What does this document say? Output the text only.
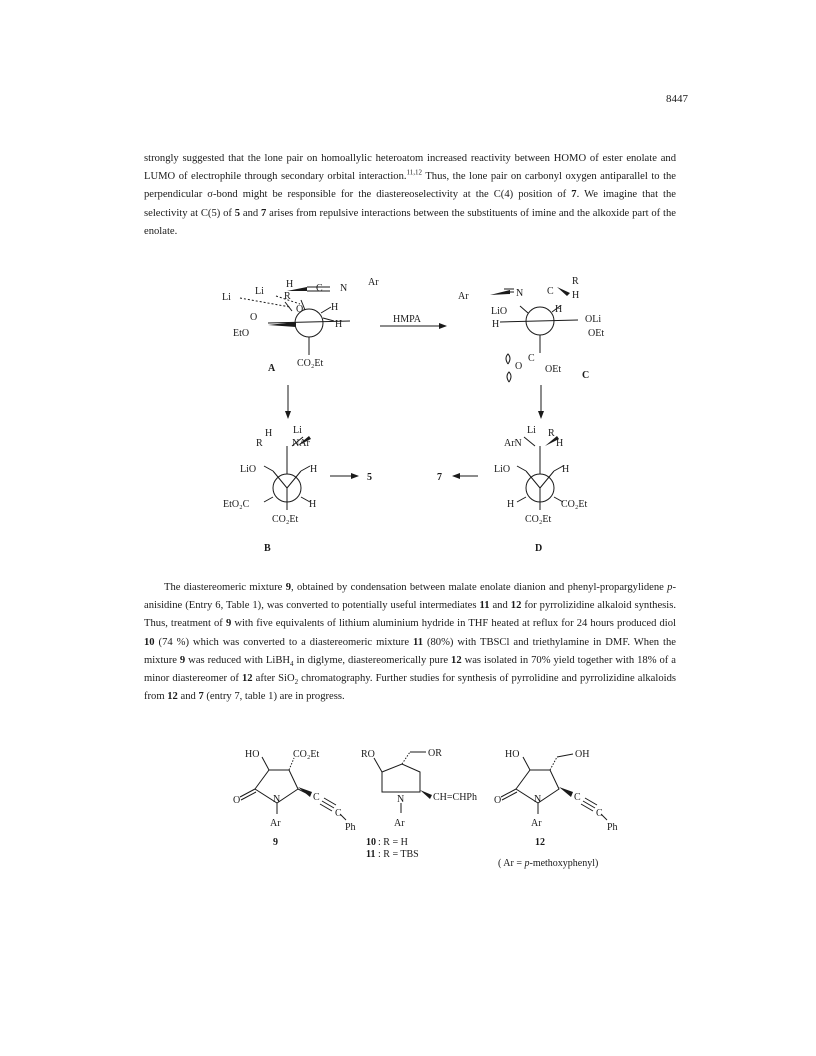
8447

strongly suggested that the lone pair on homoallylic heteroatom increased reactivity between HOMO of ester enolate and LUMO of electrophile through secondary orbital interaction.$^{11,12}$ Thus, the lone pair on carbonyl oxygen antiparallel to the perpendicular σ-bond might be responsible for the diastereoselectivity at the C(4) position of 7. We imagine that the selectivity at C(5) of 5 and 7 arises from repulsive interactions between the substituents of imine and the alkoxide part of the enolate.

H C N
Ar
Li R
Li
O
O
EtO
H
H
CO₂Et
A
HMPA
Ar	N C
R
H
LiO	H
H	OLi
OEt
O
C
OEt
C
H Li
R	NAr
LiO	H
EtO₂C	H
CO₂Et
B
5	7
Li R
ArN	H
LiO	H
H	CO₂Et
CO₂Et
D

The diastereomeric mixture 9, obtained by condensation between malate enolate dianion and phenyl-propargylidene p-anisidine (Entry 6, Table 1), was converted to potentially useful intermediates 11 and 12 for pyrrolizidine alkaloid synthesis. Thus, treatment of 9 with five equivalents of lithium aluminium hydride in THF heated at reflux for 24 hours produced diol 10 (74 %) which was converted to a diastereomeric mixture 11 (80%) with TBSCl and triethylamine in DMF. When the mixture 9 was reduced with LiBH$_4$ in diglyme, diastereomerically pure 12 was isolated in 70% yield together with 18% of a minor diastereomer of 12 after SiO$_2$ chromatography. Further studies for synthesis of pyrrolidine and pyrrolizidine alkaloids from 12 and 7 (entry 7, table 1) are in progress.

HO	CO₂Et
O	N
Ar
C
C
Ph
9
RO	OR
N	CH=CHPh
Ar
10 : R = H
11 : R = TBS
HO	OH
O	N
Ar
C
C
Ph
12
( Ar = p-methoxyphenyl)
